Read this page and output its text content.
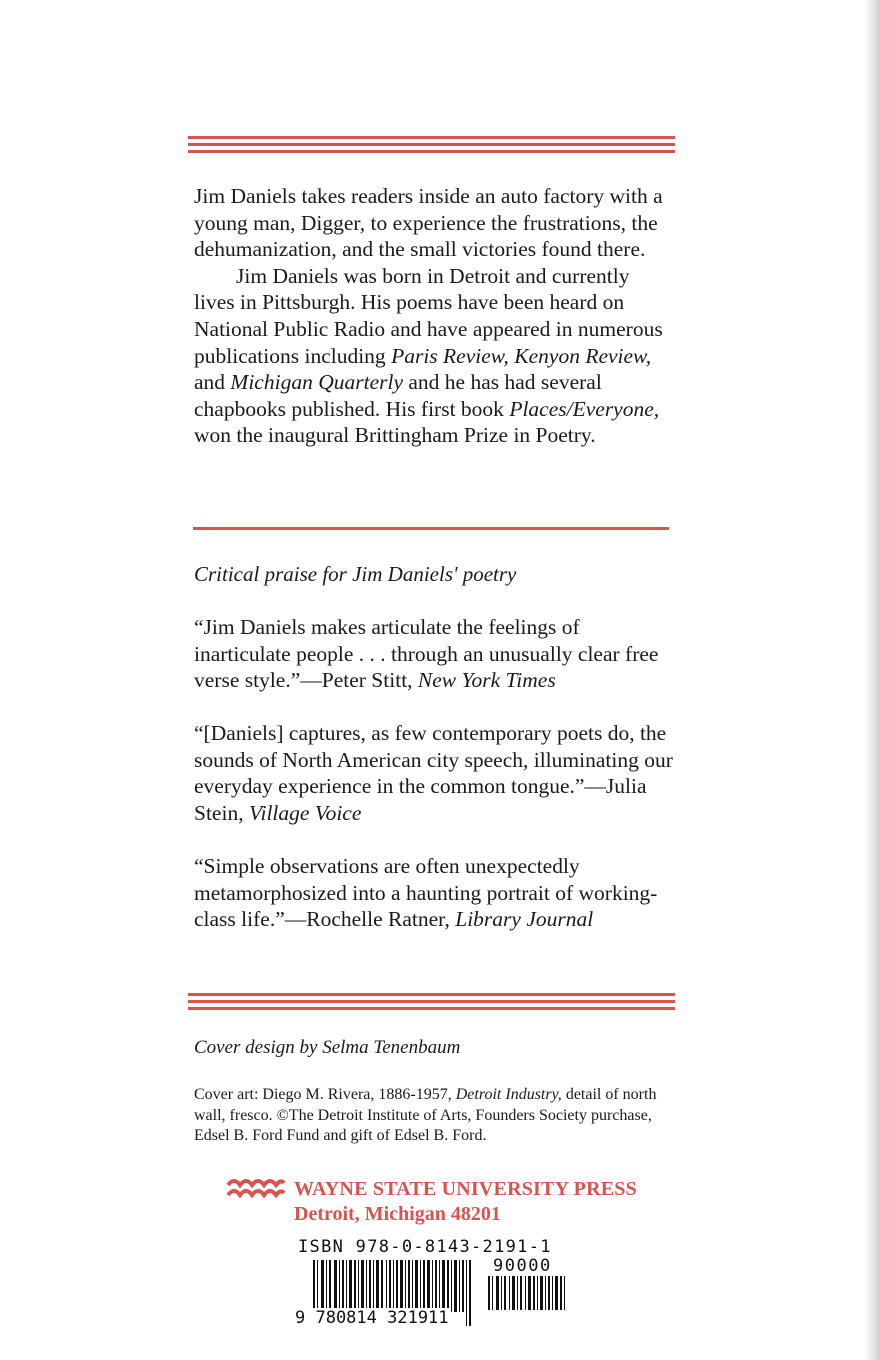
Jim Daniels takes readers inside an auto factory with a young man, Digger, to experience the frustrations, the dehumanization, and the small victories found there.

Jim Daniels was born in Detroit and currently lives in Pittsburgh. His poems have been heard on National Public Radio and have appeared in numerous publications including Paris Review, Kenyon Review, and Michigan Quarterly and he has had several chapbooks published. His first book Places/Everyone, won the inaugural Brittingham Prize in Poetry.

Critical praise for Jim Daniels' poetry
“Jim Daniels makes articulate the feelings of inarticulate people . . . through an unusually clear free verse style.”—Peter Stitt, New York Times
“[Daniels] captures, as few contemporary poets do, the sounds of North American city speech, illuminating our everyday experience in the common tongue.”—Julia Stein, Village Voice
“Simple observations are often unexpectedly metamorphosized into a haunting portrait of working-class life.”—Rochelle Ratner, Library Journal
Cover design by Selma Tenenbaum
Cover art: Diego M. Rivera, 1886-1957, Detroit Industry, detail of north wall, fresco. ©The Detroit Institute of Arts, Founders Society purchase, Edsel B. Ford Fund and gift of Edsel B. Ford.
WAYNE STATE UNIVERSITY PRESS
Detroit, Michigan 48201
ISBN 978-0-8143-2191-1
9 780814 321911
90000
